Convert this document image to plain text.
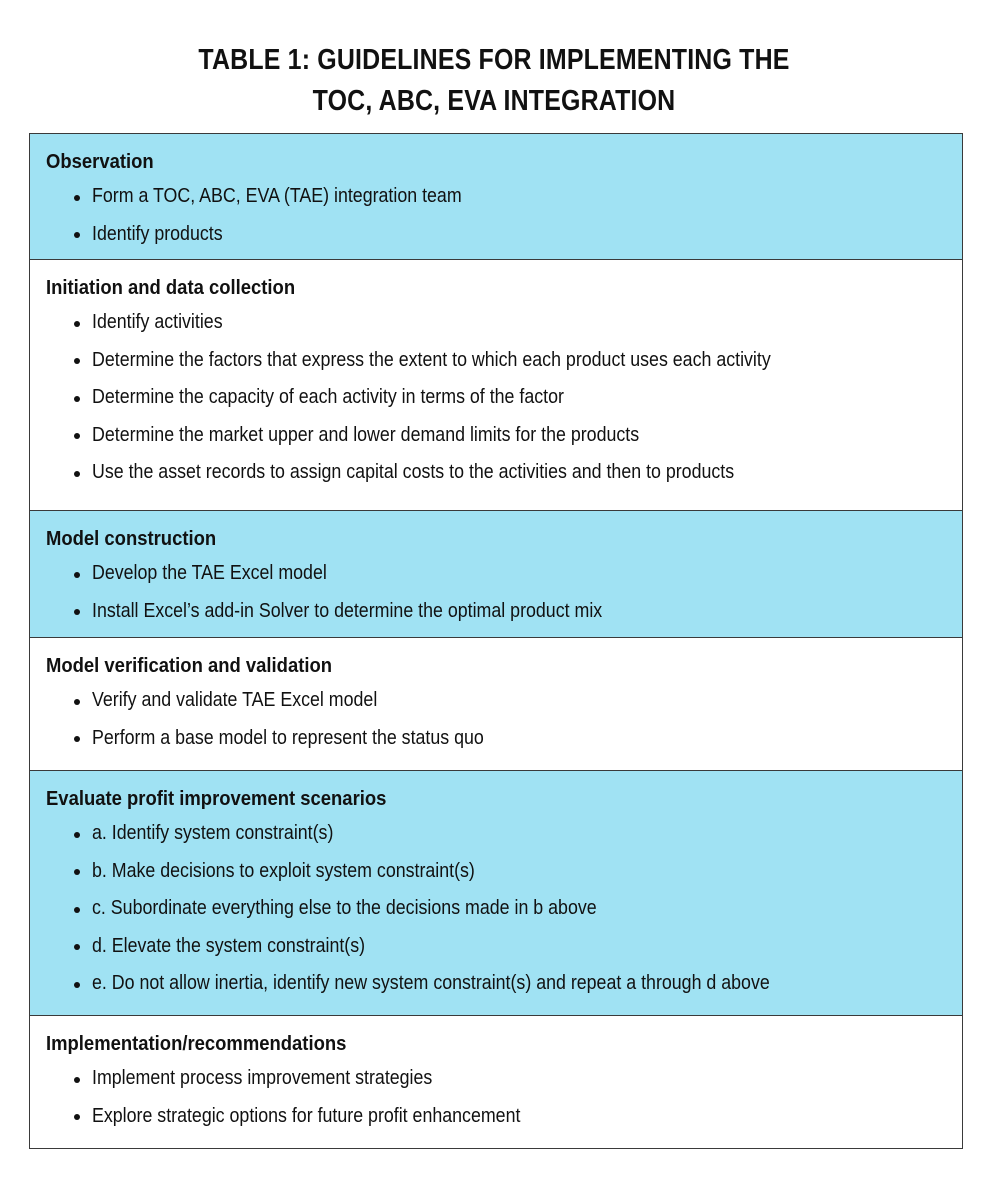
TABLE 1: GUIDELINES FOR IMPLEMENTING THE
TOC, ABC, EVA INTEGRATION
Observation
Form a TOC, ABC, EVA (TAE) integration team
Identify products
Initiation and data collection
Identify activities
Determine the factors that express the extent to which each product uses each activity
Determine the capacity of each activity in terms of the factor
Determine the market upper and lower demand limits for the products
Use the asset records to assign capital costs to the activities and then to products
Model construction
Develop the TAE Excel model
Install Excel’s add-in Solver to determine the optimal product mix
Model verification and validation
Verify and validate TAE Excel model
Perform a base model to represent the status quo
Evaluate profit improvement scenarios
a. Identify system constraint(s)
b. Make decisions to exploit system constraint(s)
c. Subordinate everything else to the decisions made in b above
d. Elevate the system constraint(s)
e. Do not allow inertia, identify new system constraint(s) and repeat a through d above
Implementation/recommendations
Implement process improvement strategies
Explore strategic options for future profit enhancement
